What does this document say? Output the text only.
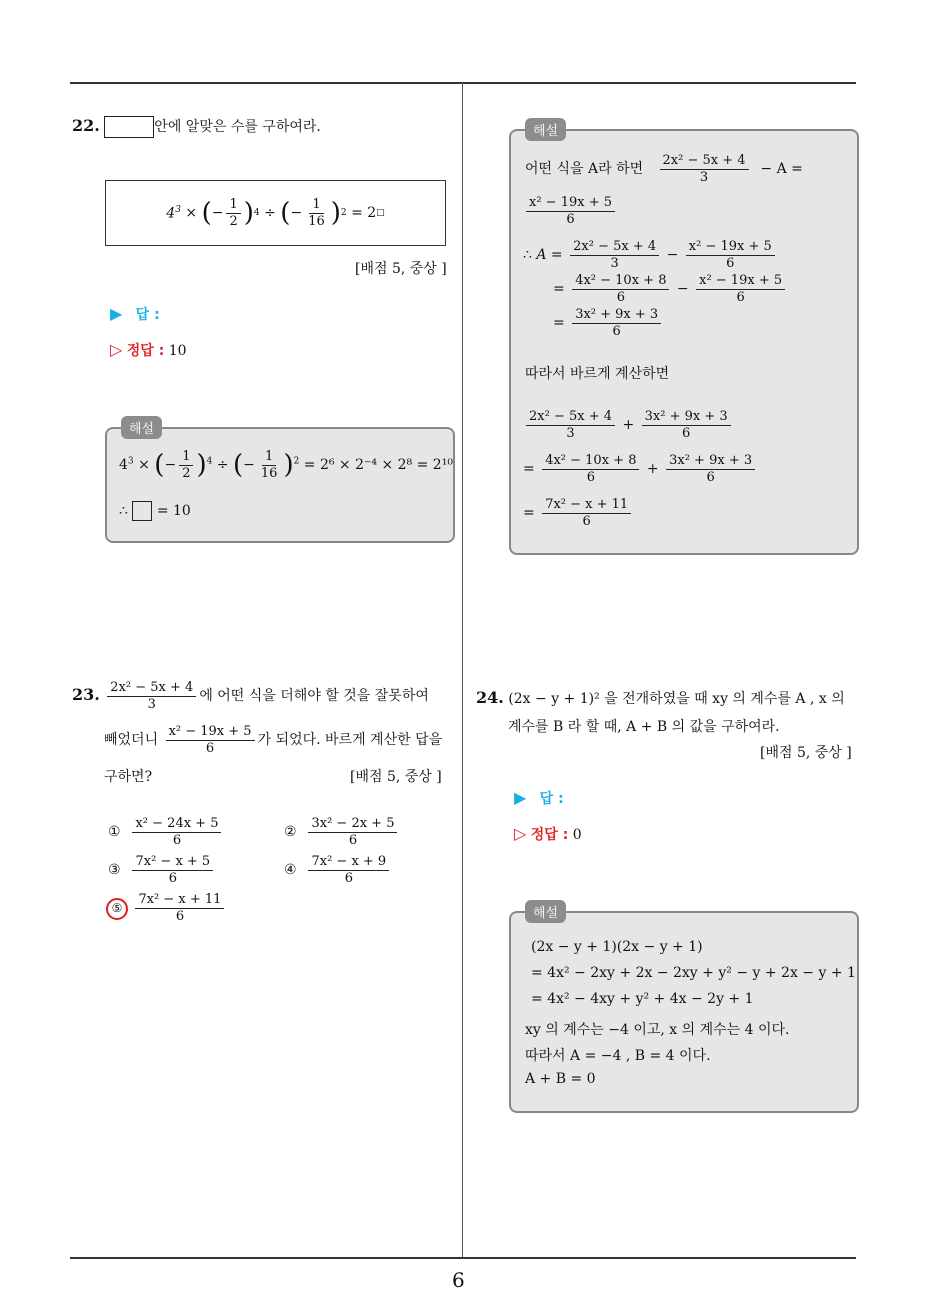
22.	안에 알맞은 수를 구하여라.
$4^3$ × ( − $\frac{1}{2}$ ) 4 ÷ ( − $\frac{1}{16}$ ) 2 = 2 □
[배점 5, 중상 ]
▶ 답 :
▷ 정답 : 10
해설
$4^3$ × (− $\frac{1}{2} )^4$ ÷ (− $\frac{1}{16} )^2 = 2^6 \times 2^{-4} \times 2^8 = 2^{10}$
∴ = 10
해설
어떤 식을 A라 하면 $\frac{\text{2x² − 5x + 4}}{3} - A$ =
$\frac{\text{x² − 19x + 5}}{6}$
∴ $A = \frac{\text{2x² − 5x + 4}}{3} - \frac{\text{x² − 19x + 5}}{6}$
= $\frac{\text{4x² − 10x + 8}}{6} - \frac{\text{x² − 19x + 5}}{6}$
= $\frac{\text{3x² + 9x + 3}}{6}$
따라서 바르게 계산하면
$\frac{\text{2x² − 5x + 4}}{3} + \frac{\text{3x² + 9x + 3}}{6}$
= $\frac{\text{4x² − 10x + 8}}{6} + \frac{\text{3x² + 9x + 3}}{6}$
= $\frac{\text{7x² − x + 11}}{6}$
23. $\frac{\text{2x² − 5x + 4}}{3}$ 에 어떤 식을 더해야 할 것을 잘못하여
빼었더니 $\frac{\text{x² − 19x + 5}}{6}$ 가 되었다. 바르게 계산한 답을
구하면?	[배점 5, 중상 ]
① $\frac{\text{x² − 24x + 5}}{6}$	② $\frac{\text{3x² − 2x + 5}}{6}$
③ $\frac{\text{7x² − x + 5}}{6}$	④ $\frac{\text{7x² − x + 9}}{6}$
⑤ $\frac{\text{7x² − x + 11}}{6}$
24. (2x − y + 1)² 을 전개하였을 때 xy 의 계수를 A , x 의
계수를 B 라 할 때, A + B 의 값을 구하여라.
[배점 5, 중상 ]
▶ 답 :
▷ 정답 : 0
해설
(2x − y + 1)(2x − y + 1)
= 4x² − 2xy + 2x − 2xy + y² − y + 2x − y + 1
= 4x² − 4xy + y² + 4x − 2y + 1
xy 의 계수는 −4 이고, x 의 계수는 4 이다.
따라서 A = −4 , B = 4 이다.
A + B = 0
6
